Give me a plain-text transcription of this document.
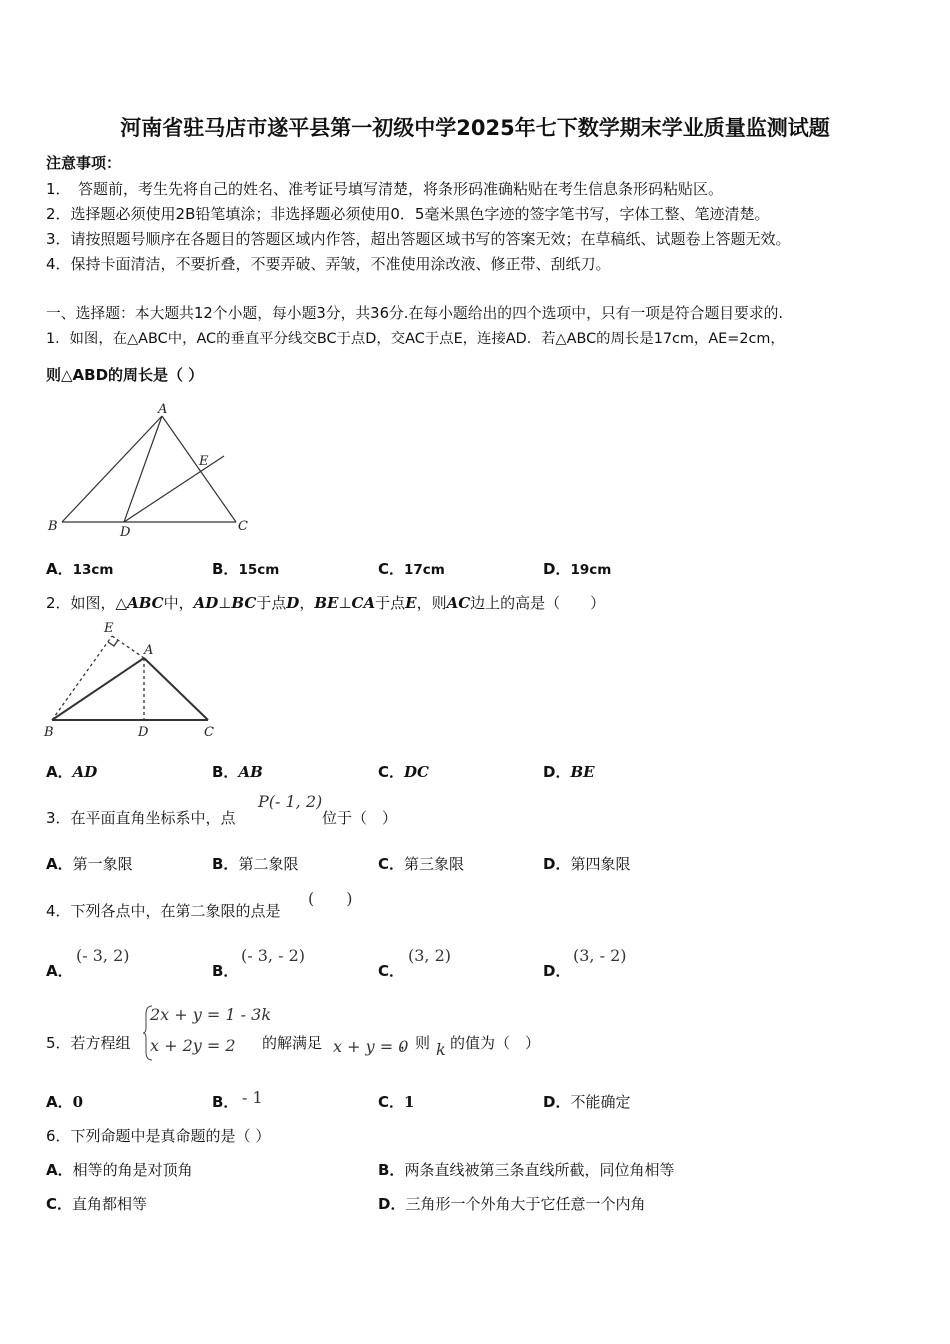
河南省驻马店市遂平县第一初级中学2025年七下数学期末学业质量监测试题
注意事项：
1．　答题前，考生先将自己的姓名、准考证号填写清楚，将条形码准确粘贴在考生信息条形码粘贴区。
2．选择题必须使用2B铅笔填涂；非选择题必须使用0．5毫米黑色字迹的签字笔书写，字体工整、笔迹清楚。
3．请按照题号顺序在各题目的答题区域内作答，超出答题区域书写的答案无效；在草稿纸、试题卷上答题无效。
4．保持卡面清洁，不要折叠，不要弄破、弄皱，不准使用涂改液、修正带、刮纸刀。
一、选择题：本大题共12个小题，每小题3分，共36分.在每小题给出的四个选项中，只有一项是符合题目要求的.
1．如图，在△ABC中，AC的垂直平分线交BC于点D，交AC于点E，连接AD．若△ABC的周长是17cm，AE=2cm，
则△ABD的周长是（ ）
A
B	C
D
E
A．13cm	B．15cm	C．17cm	D．19cm
2．如图，△ABC中，AD⊥BC于点D，BE⊥CA于点E，则AC边上的高是（　　）
E
A
B	D	C
A．AD	B．AB	C．DC	D．BE
3．在平面直角坐标系中，点
P(- 1, 2)
位于（　）
A．第一象限	B．第二象限	C．第三象限	D．第四象限
4．下列各点中，在第二象限的点是
(　　)
A．
(- 3, 2)
B．
(- 3, - 2)
C．
(3, 2)
D．
(3, - 2)
5．若方程组
2x + y = 1 - 3k
x + 2y = 2 的解满足 x + y = 0
，则 k 的值为（　）
A．0	B． - 1	C．1	D．不能确定
6．下列命题中是真命题的是（ ）
A．相等的角是对顶角	B．两条直线被第三条直线所截，同位角相等
C．直角都相等	D．三角形一个外角大于它任意一个内角
